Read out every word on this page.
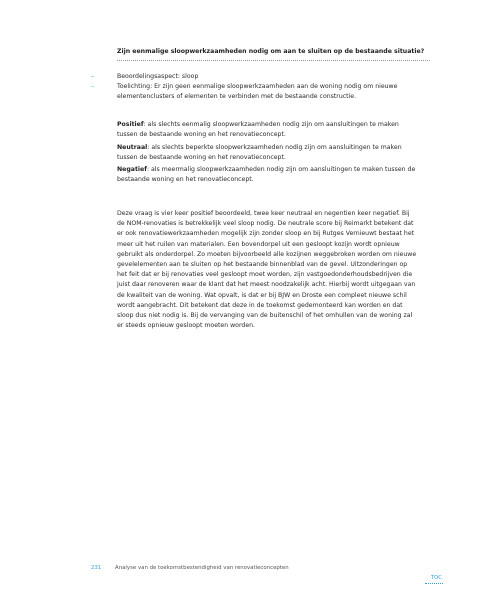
Zijn eenmalige sloopwerkzaamheden nodig om aan te sluiten op de bestaande situatie?
–	Beoordelingsaspect: sloop
–	Toelichting: Er zijn geen eenmalige sloopwerkzaamheden aan de woning nodig om nieuwe elementenclusters of elementen te verbinden met de bestaande constructie.

Positief: als slechts eenmalig sloopwerkzaamheden nodig zijn om aansluitingen te maken tussen de bestaande woning en het renovatieconcept.

Neutraal: als slechts beperkte sloopwerkzaamheden nodig zijn om aansluitingen te maken tussen de bestaande woning en het renovatieconcept.

Negatief: als meermalig sloopwerkzaamheden nodig zijn om aansluitingen te maken tussen de bestaande woning en het renovatieconcept.

Deze vraag is vier keer positief beoordeeld, twee keer neutraal en negentien keer negatief. Bij de NOM-renovaties is betrekkelijk veel sloop nodig. De neutrale score bij Reimarkt betekent dat er ook renovatiewerkzaamheden mogelijk zijn zonder sloop en bij Rutges Vernieuwt bestaat het meer uit het ruilen van materialen. Een bovendorpel uit een gesloopt kozijn wordt opnieuw gebruikt als onderdorpel. Zo moeten bijvoorbeeld alle kozijnen weggebroken worden om nieuwe gevelelementen aan te sluiten op het bestaande binnenblad van de gevel. Uitzonderingen op het feit dat er bij renovaties veel gesloopt moet worden, zijn vastgoedonderhoudsbedrijven die juist daar renoveren waar de klant dat het meest noodzakelijk acht. Hierbij wordt uitgegaan van de kwaliteit van de woning. Wat opvalt, is dat er bij BJW en Droste een compleet nieuwe schil wordt aangebracht. Dit betekent dat deze in de toekomst gedemonteerd kan worden en dat sloop dus niet nodig is. Bij de vervanging van de buitenschil of het omhullen van de woning zal er steeds opnieuw gesloopt moeten worden.

231	Analyse van de toekomstbestendigheid van renovatieconcepten
TOC
